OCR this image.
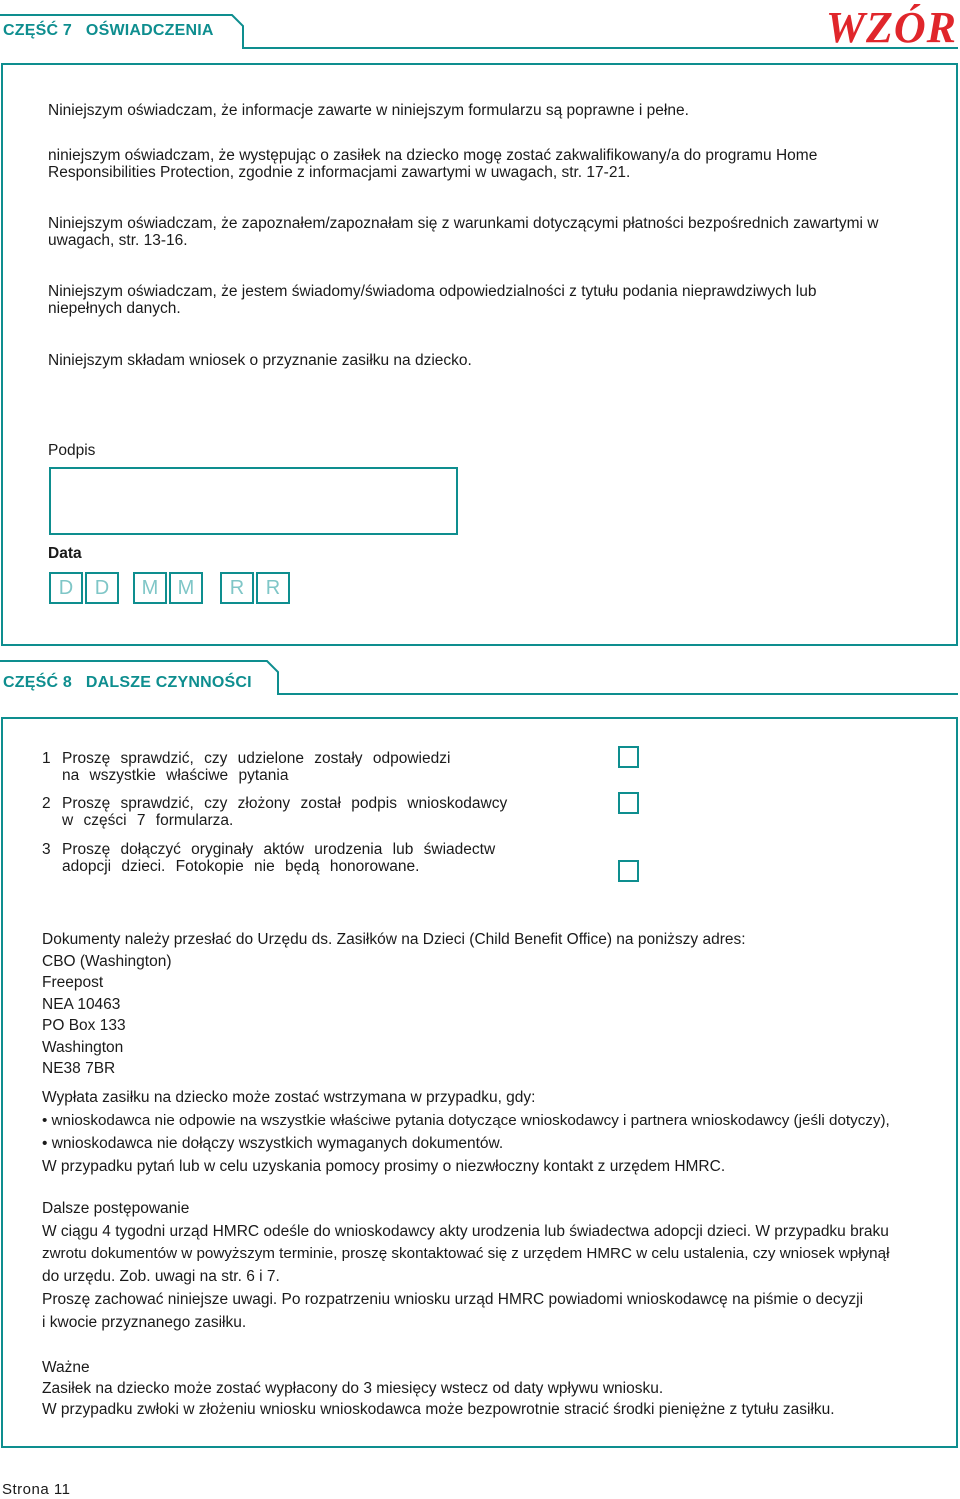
CZĘŚĆ 7 OŚWIADCZENIA	WZÓR
Niniejszym oświadczam, że informacje zawarte w niniejszym formularzu są poprawne i pełne.
niniejszym oświadczam, że występując o zasiłek na dziecko mogę zostać zakwalifikowany/a do programu Home Responsibilities Protection, zgodnie z informacjami zawartymi w uwagach, str. 17-21.
Niniejszym oświadczam, że zapoznałem/zapoznałam się z warunkami dotyczącymi płatności bezpośrednich zawartymi w uwagach, str. 13-16.
Niniejszym oświadczam, że jestem świadomy/świadoma odpowiedzialności z tytułu podania nieprawdziwych lub niepełnych danych.
Niniejszym składam wniosek o przyznanie zasiłku na dziecko.
Podpis
Data
D	D	M M	R	R
CZĘŚĆ 8 DALSZE CZYNNOŚCI
1 Proszę sprawdzić, czy udzielone zostały odpowiedzi
na wszystkie właściwe pytania
2 Proszę sprawdzić, czy złożony został podpis wnioskodawcy
w części 7 formularza.
3 Proszę dołączyć oryginały aktów urodzenia lub świadectw
adopcji dzieci. Fotokopie nie będą honorowane.
Dokumenty należy przesłać do Urzędu ds. Zasiłków na Dzieci (Child Benefit Office) na poniższy adres:
CBO (Washington)
Freepost
NEA 10463
PO Box 133
Washington
NE38 7BR
Wypłata zasiłku na dziecko może zostać wstrzymana w przypadku, gdy:
• wnioskodawca nie odpowie na wszystkie właściwe pytania dotyczące wnioskodawcy i partnera wnioskodawcy (jeśli dotyczy),
• wnioskodawca nie dołączy wszystkich wymaganych dokumentów.
W przypadku pytań lub w celu uzyskania pomocy prosimy o niezwłoczny kontakt z urzędem HMRC.
Dalsze postępowanie
W ciągu 4 tygodni urząd HMRC odeśle do wnioskodawcy akty urodzenia lub świadectwa adopcji dzieci. W przypadku braku
zwrotu dokumentów w powyższym terminie, proszę skontaktować się z urzędem HMRC w celu ustalenia, czy wniosek wpłynął
do urzędu. Zob. uwagi na str. 6 i 7.
Proszę zachować niniejsze uwagi. Po rozpatrzeniu wniosku urząd HMRC powiadomi wnioskodawcę na piśmie o decyzji
i kwocie przyznanego zasiłku.
Ważne
Zasiłek na dziecko może zostać wypłacony do 3 miesięcy wstecz od daty wpływu wniosku.
W przypadku zwłoki w złożeniu wniosku wnioskodawca może bezpowrotnie stracić środki pieniężne z tytułu zasiłku.
Strona 11
